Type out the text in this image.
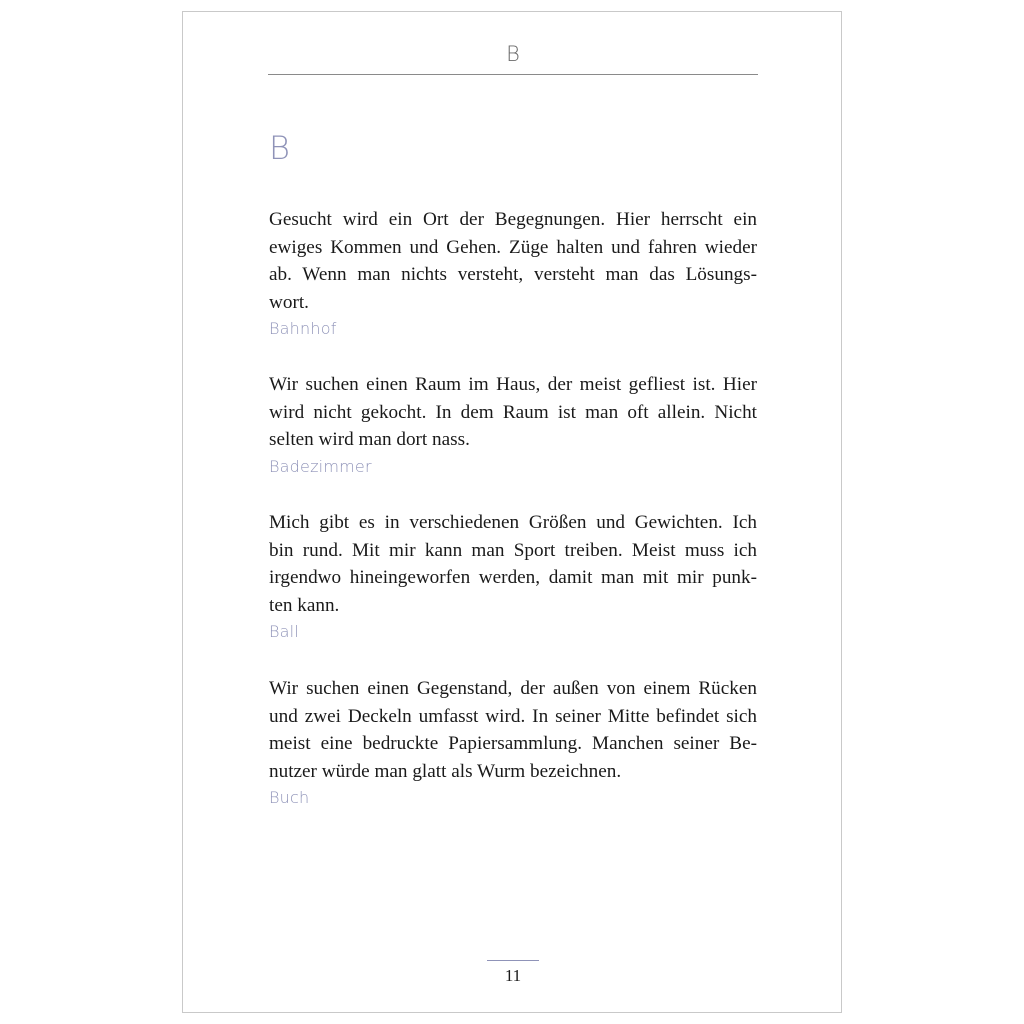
B
B

Gesucht wird ein Ort der Begegnungen. Hier herrscht ein
ewiges Kommen und Gehen. Züge halten und fahren wieder
ab. Wenn man nichts versteht, versteht man das Lösungs-
wort.

Bahnhof

Wir suchen einen Raum im Haus, der meist gefliest ist. Hier
wird nicht gekocht. In dem Raum ist man oft allein. Nicht
selten wird man dort nass.

Badezimmer

Mich gibt es in verschiedenen Größen und Gewichten. Ich
bin rund. Mit mir kann man Sport treiben. Meist muss ich
irgendwo hineingeworfen werden, damit man mit mir punk-
ten kann.

Ball

Wir suchen einen Gegenstand, der außen von einem Rücken
und zwei Deckeln umfasst wird. In seiner Mitte befindet sich
meist eine bedruckte Papiersammlung. Manchen seiner Be-
nutzer würde man glatt als Wurm bezeichnen.

Buch
11
